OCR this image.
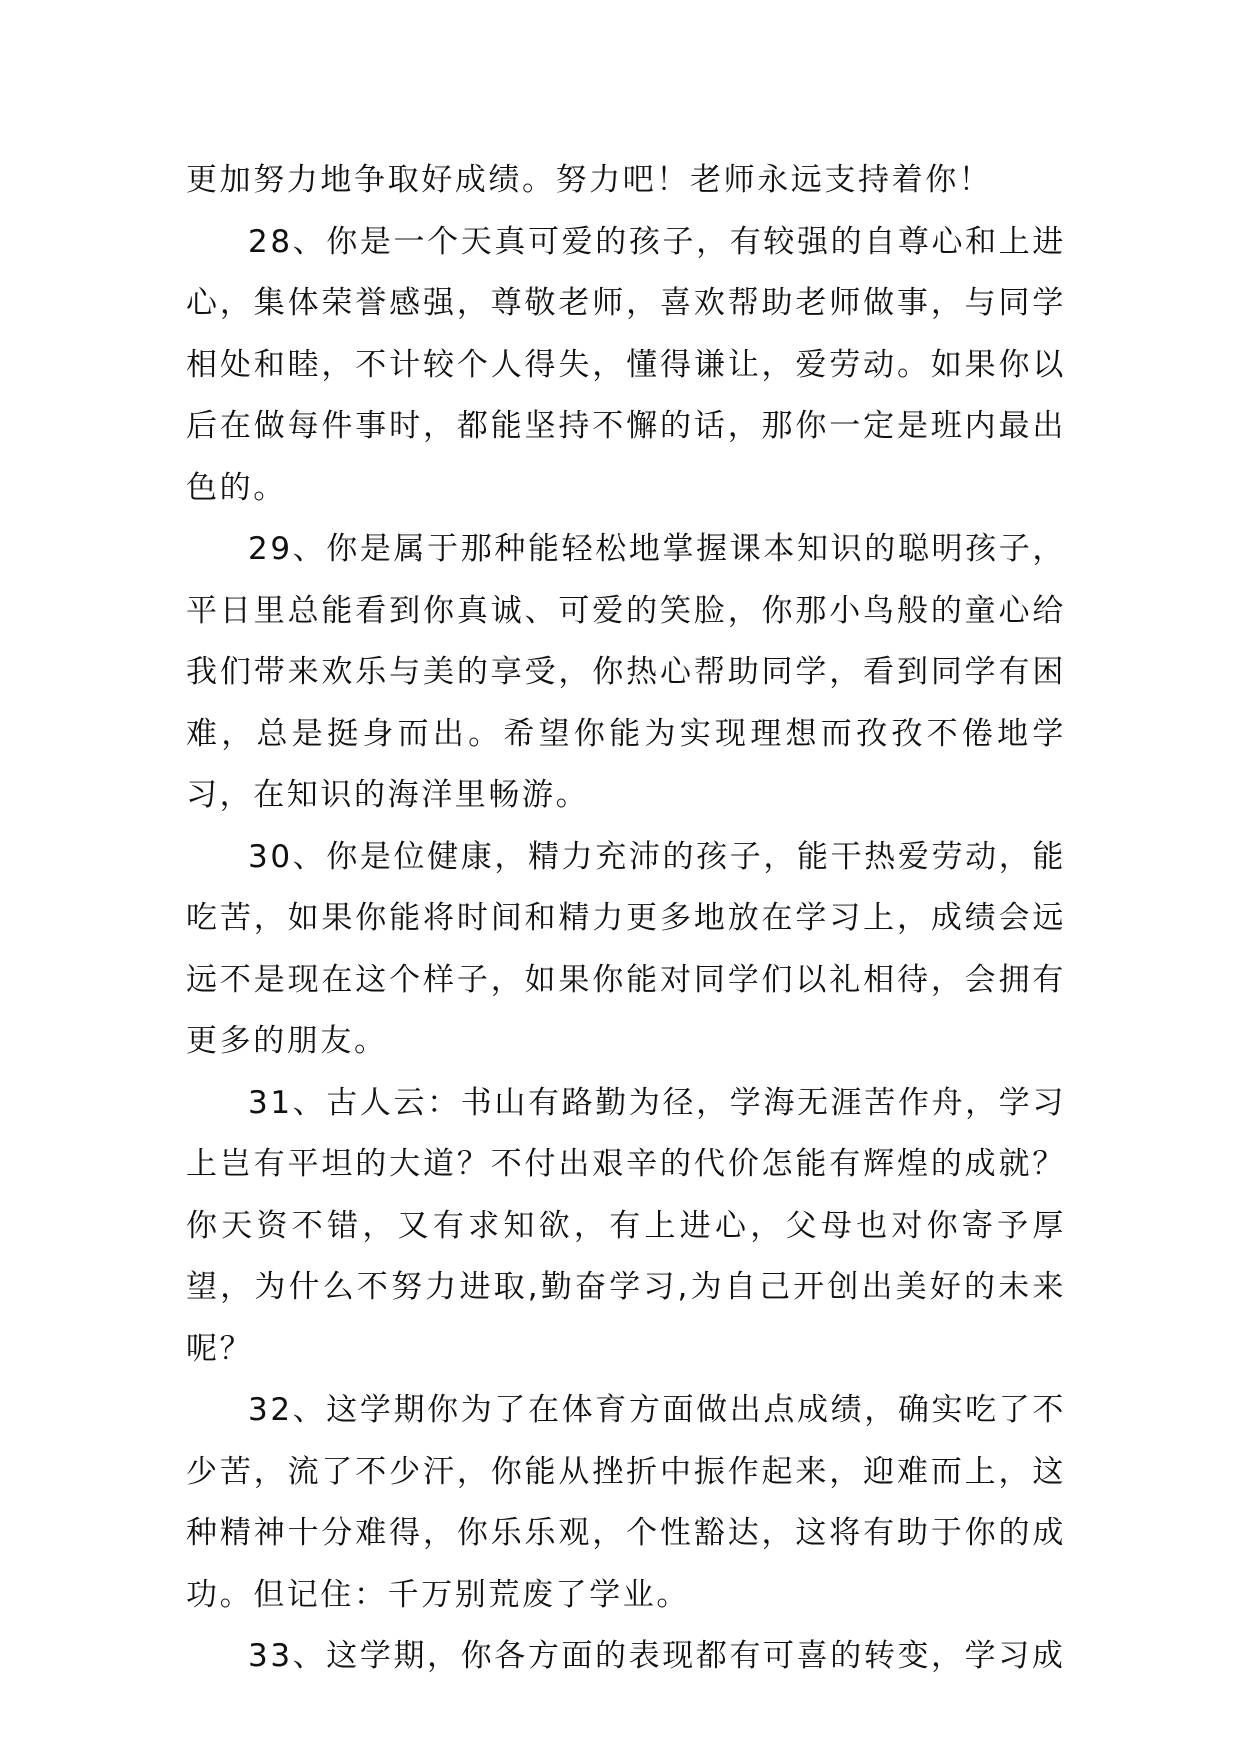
更加努力地争取好成绩。努力吧！老师永远支持着你！

28、你是一个天真可爱的孩子，有较强的自尊心和上进心，集体荣誉感强，尊敬老师，喜欢帮助老师做事，与同学相处和睦，不计较个人得失，懂得谦让，爱劳动。如果你以后在做每件事时，都能坚持不懈的话，那你一定是班内最出色的。

29、你是属于那种能轻松地掌握课本知识的聪明孩子，平日里总能看到你真诚、可爱的笑脸，你那小鸟般的童心给我们带来欢乐与美的享受，你热心帮助同学，看到同学有困难，总是挺身而出。希望你能为实现理想而孜孜不倦地学习，在知识的海洋里畅游。

30、你是位健康，精力充沛的孩子，能干热爱劳动，能吃苦，如果你能将时间和精力更多地放在学习上，成绩会远远不是现在这个样子，如果你能对同学们以礼相待，会拥有更多的朋友。

31、古人云：书山有路勤为径，学海无涯苦作舟，学习上岂有平坦的大道？不付出艰辛的代价怎能有辉煌的成就？你天资不错，又有求知欲，有上进心，父母也对你寄予厚望，为什么不努力进取,勤奋学习,为自己开创出美好的未来呢？

32、这学期你为了在体育方面做出点成绩，确实吃了不少苦，流了不少汗，你能从挫折中振作起来，迎难而上，这种精神十分难得，你乐乐观，个性豁达，这将有助于你的成功。但记住：千万别荒废了学业。

33、这学期，你各方面的表现都有可喜的转变，学习成
